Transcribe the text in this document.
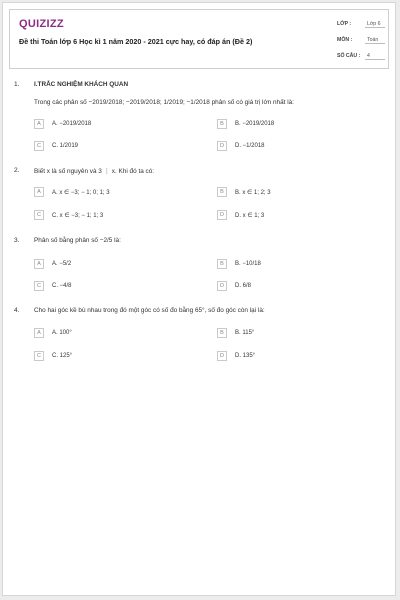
QUIZIZZ
Đề thi Toán lớp 6 Học kì 1 năm 2020 - 2021 cực hay, có đáp án (Đề 2)
LỚP :	Lớp 6
MÔN :	Toán
SỐ CÂU :	4
1. I.TRẮC NGHIỆM KHÁCH QUAN
Trong các phân số −2019/2018; −2019/2018; 1/2019; −1/2018 phân số có giá trị lớn nhất là:
A	A. −2019/2018	B	B. −2019/2018
C	C. 1/2019	D	D. −1/2018
2. Biết x là số nguyên và 3 ⋮ x. Khi đó ta có:
A	A. x ∈ −3; − 1; 0; 1; 3	B	B. x ∈ 1; 2; 3
C	C. x ∈ −3; − 1; 1; 3	D	D. x ∈ 1; 3
3. Phân số bằng phân số −2/5 là:
A	A. −5/2	B	B. −10/18
C	C. −4/8	D	D. 6/8
4. Cho hai góc kề bù nhau trong đó một góc có số đo bằng 65°, số đo góc còn lại là:
A	A. 100°	B	B. 115°
C	C. 125°	D	D. 135°
